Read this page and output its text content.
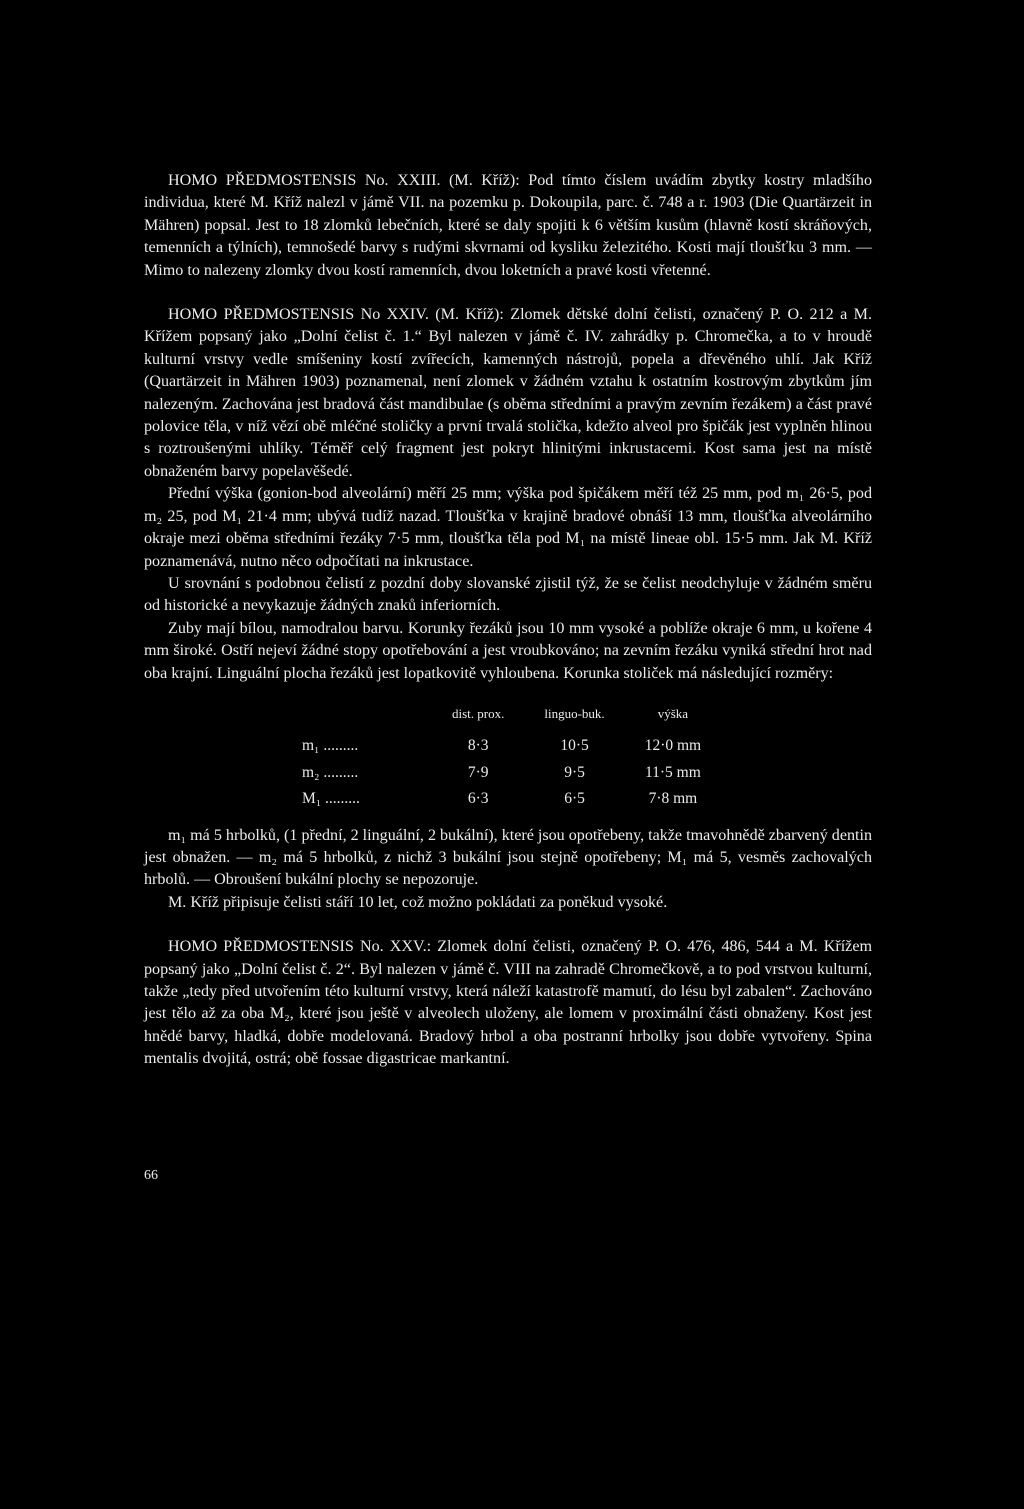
HOMO PŘEDMOSTENSIS No. XXIII. (M. Kříž): Pod tímto číslem uvádím zbytky kostry mladšího individua, které M. Kříž nalezl v jámě VII. na pozemku p. Dokoupila, parc. č. 748 a r. 1903 (Die Quartärzeit in Mähren) popsal. Jest to 18 zlomků lebečních, které se daly spojiti k 6 větším kusům (hlavně kostí skráňových, temenních a týlních), temnošedé barvy s rudými skvrnami od kysliku železitého. Kosti mají tloušťku 3 mm. — Mimo to nalezeny zlomky dvou kostí ramenních, dvou loketních a pravé kosti vřetenné.

HOMO PŘEDMOSTENSIS No XXIV. (M. Kříž): Zlomek dětské dolní čelisti, označený P. O. 212 a M. Křížem popsaný jako „Dolní čelist č. 1.“ Byl nalezen v jámě č. IV. zahrádky p. Chromečka, a to v hroudě kulturní vrstvy vedle smíšeniny kostí zvířecích, kamenných nástrojů, popela a dřevěného uhlí. Jak Kříž (Quartärzeit in Mähren 1903) poznamenal, není zlomek v žádném vztahu k ostatním kostrovým zbytkům jím nalezeným. Zachována jest bradová část mandibulae (s oběma středními a pravým zevním řezákem) a část pravé polovice těla, v níž vězí obě mléčné stoličky a první trvalá stolička, kdežto alveol pro špičák jest vyplněn hlinou s roztroušenými uhlíky. Téměř celý fragment jest pokryt hlinitými inkrustacemi. Kost sama jest na místě obnaženém barvy popelavěšedé.

Přední výška (gonion-bod alveolární) měří 25 mm; výška pod špičákem měří též 25 mm, pod m₁ 26·5, pod m₂ 25, pod M₁ 21·4 mm; ubývá tudíž nazad. Tloušťka v krajině bradové obnáší 13 mm, tloušťka alveolárního okraje mezi oběma středními řezáky 7·5 mm, tloušťka těla pod M₁ na místě lineae obl. 15·5 mm. Jak M. Kříž poznamenává, nutno něco odpočítati na inkrustace.

U srovnání s podobnou čelistí z pozdní doby slovanské zjistil týž, že se čelist neodchyluje v žádném směru od historické a nevykazuje žádných znaků inferiorních.

Zuby mají bílou, namodralou barvu. Korunky řezáků jsou 10 mm vysoké a poblíže okraje 6 mm, u kořene 4 mm široké. Ostří nejeví žádné stopy opotřebování a jest vroubkováno; na zevním řezáku vyniká střední hrot nad oba krajní. Linguální plocha řezáků jest lopatkovitě vyhloubena. Korunka stoliček má následující rozměry:

	dist. prox.	linguo-buk.	výška
m₁ .........	8·3	10·5	12·0 mm
m₂ .........	7·9	9·5	11·5 mm
M₁ .........	6·3	6·5	7·8 mm

m₁ má 5 hrbolků, (1 přední, 2 linguální, 2 bukální), které jsou opotřebeny, takže tmavohnědě zbarvený dentin jest obnažen. — m₂ má 5 hrbolků, z nichž 3 bukální jsou stejně opotřebeny; M₁ má 5, vesměs zachovalých hrbolů. — Obroušení bukální plochy se nepozoruje.

M. Kříž připisuje čelisti stáří 10 let, což možno pokládati za poněkud vysoké.

HOMO PŘEDMOSTENSIS No. XXV.: Zlomek dolní čelisti, označený P. O. 476, 486, 544 a M. Křížem popsaný jako „Dolní čelist č. 2“. Byl nalezen v jámě č. VIII na zahradě Chromečkově, a to pod vrstvou kulturní, takže „tedy před utvořením této kulturní vrstvy, která náleží katastrofě mamutí, do lésu byl zabalen“. Zachováno jest tělo až za oba M₂, které jsou ještě v alveolech uloženy, ale lomem v proximální části obnaženy. Kost jest hnědé barvy, hladká, dobře modelovaná. Bradový hrbol a oba postranní hrbolky jsou dobře vytvořeny. Spina mentalis dvojitá, ostrá; obě fossae digastricae markantní.

66
